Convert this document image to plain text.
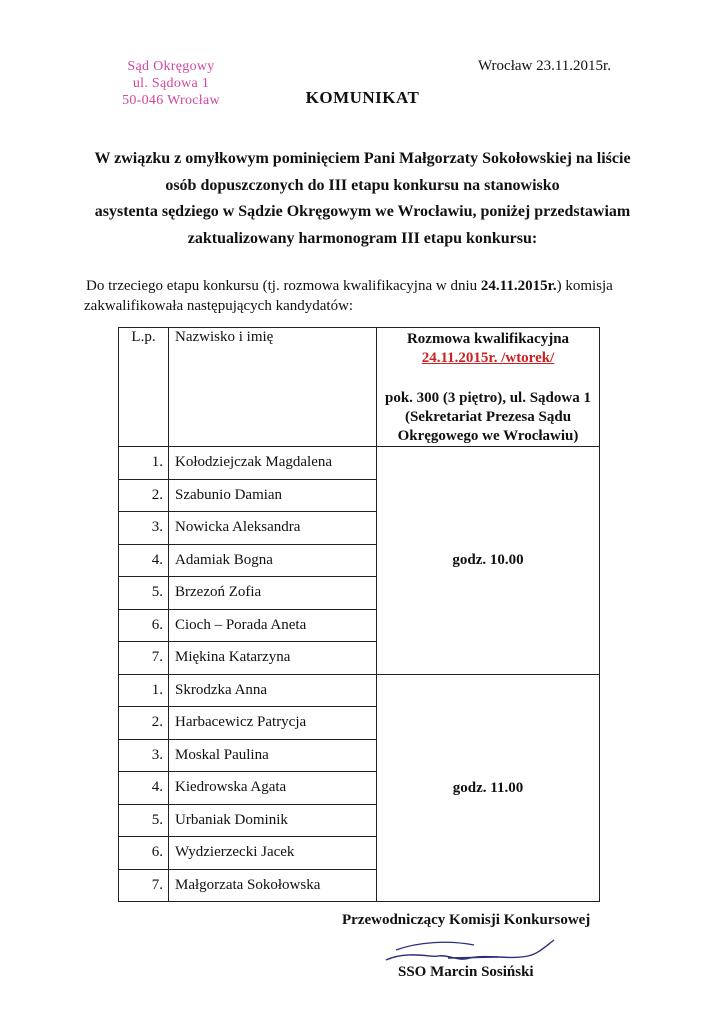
Sąd Okręgowy
ul. Sądowa 1
50-046 Wrocław
Wrocław 23.11.2015r.
KOMUNIKAT
W związku z omyłkowym pominięciem Pani Małgorzaty Sokołowskiej na liście
osób dopuszczonych do III etapu konkursu na stanowisko
asystenta sędziego w Sądzie Okręgowym we Wrocławiu, poniżej przedstawiam
zaktualizowany harmonogram III etapu konkursu:
Do trzeciego etapu konkursu (tj. rozmowa kwalifikacyjna w dniu 24.11.2015r.) komisja
zakwalifikowała następujących kandydatów:
L.p.	Nazwisko i imię	Rozmowa kwalifikacyjna
24.11.2015r. /wtorek/
pok. 300 (3 piętro), ul. Sądowa 1
(Sekretariat Prezesa Sądu
Okręgowego we Wrocławiu)

1.	Kołodziejczak Magdalena	godz. 10.00
2.	Szabunio Damian	
3.	Nowicka Aleksandra	
4.	Adamiak Bogna	
5.	Brzezoń Zofia	
6.	Cioch – Porada Aneta	
7.	Miękina Katarzyna	
1.	Skrodzka Anna	godz. 11.00
2.	Harbacewicz Patrycja	
3.	Moskal Paulina	
4.	Kiedrowska Agata	
5.	Urbaniak Dominik	
6.	Wydzierzecki Jacek	
7.	Małgorzata Sokołowska	
Przewodniczący Komisji Konkursowej
SSO Marcin Sosiński
